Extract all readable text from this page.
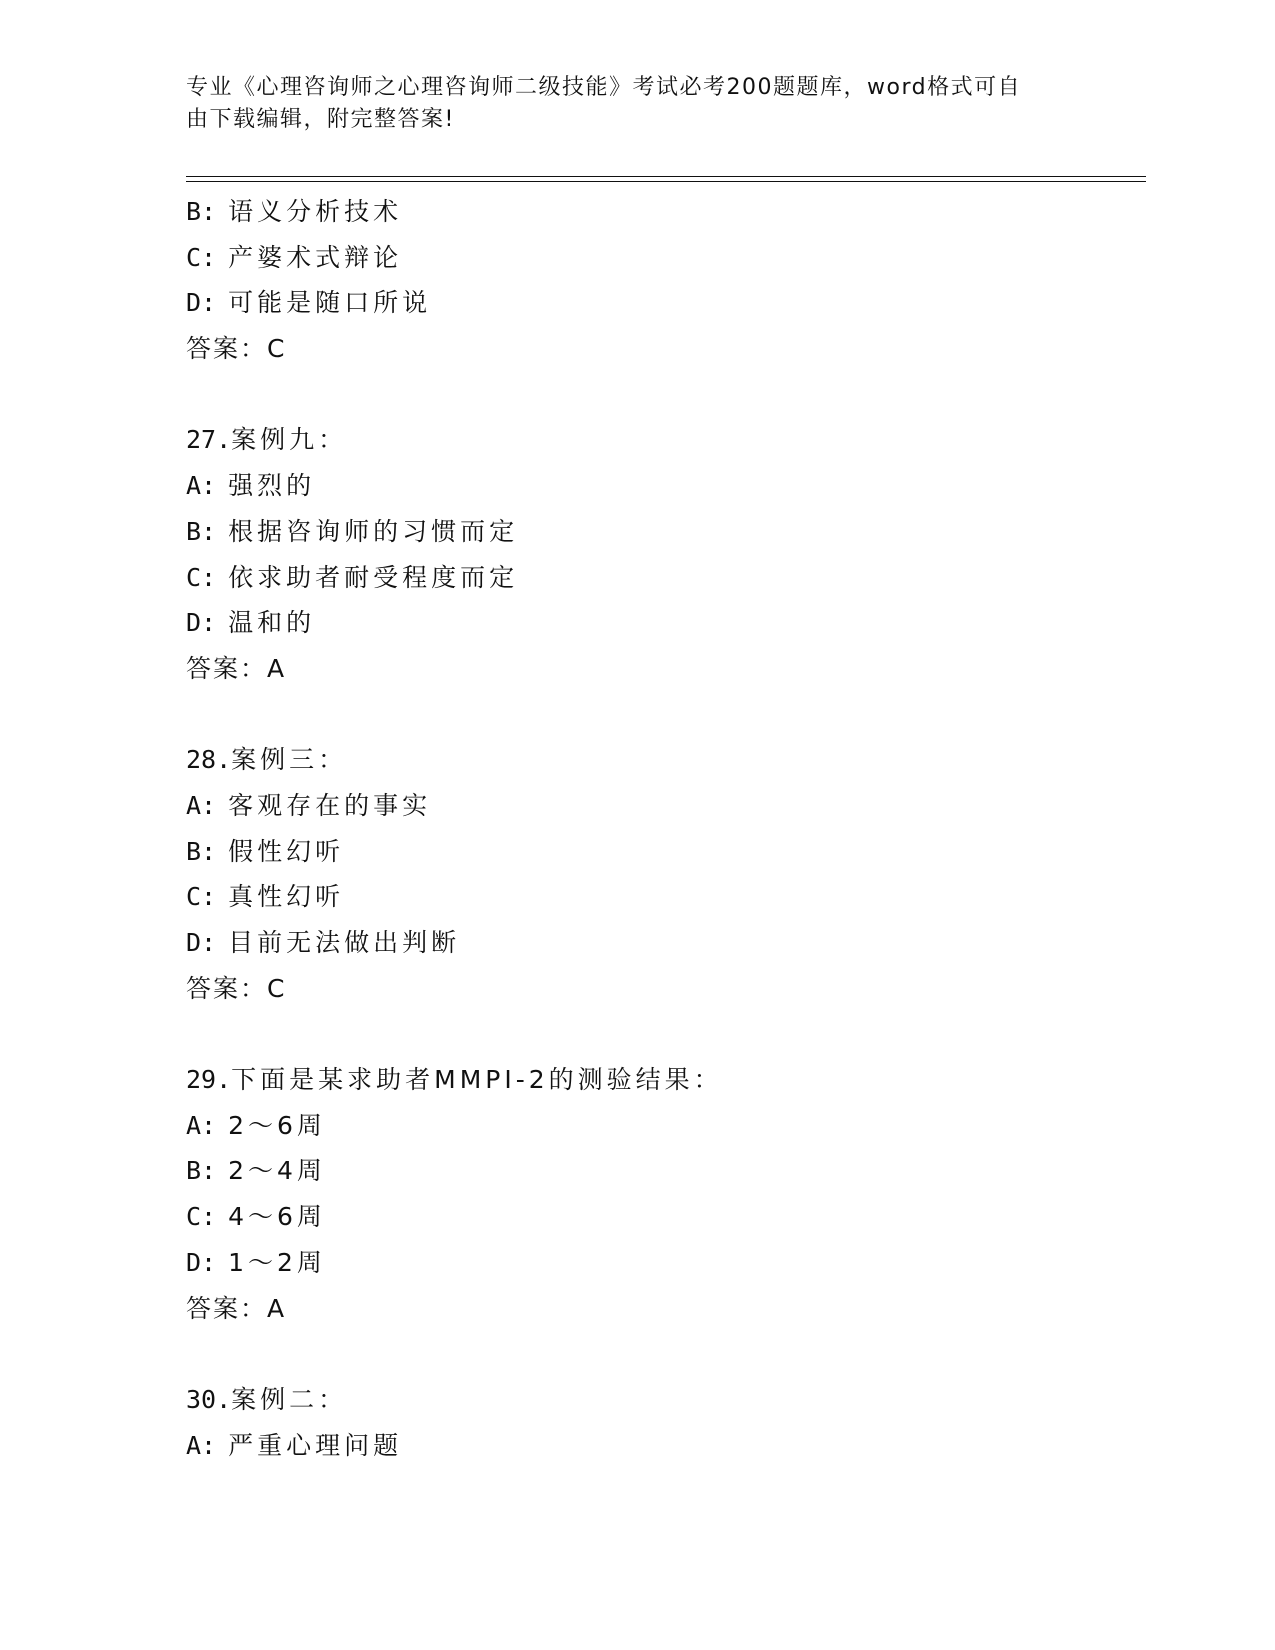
专业《心理咨询师之心理咨询师二级技能》考试必考200题题库，word格式可自
由下载编辑，附完整答案!
B: 语义分析技术
C: 产婆术式辩论
D: 可能是随口所说
答案：C
27.案例九：
A: 强烈的
B: 根据咨询师的习惯而定
C: 依求助者耐受程度而定
D: 温和的
答案：A
28.案例三：
A: 客观存在的事实
B: 假性幻听
C: 真性幻听
D: 目前无法做出判断
答案：C
29.下面是某求助者MMPI-2的测验结果：
A: 2～6周
B: 2～4周
C: 4～6周
D: 1～2周
答案：A
30.案例二：
A: 严重心理问题
